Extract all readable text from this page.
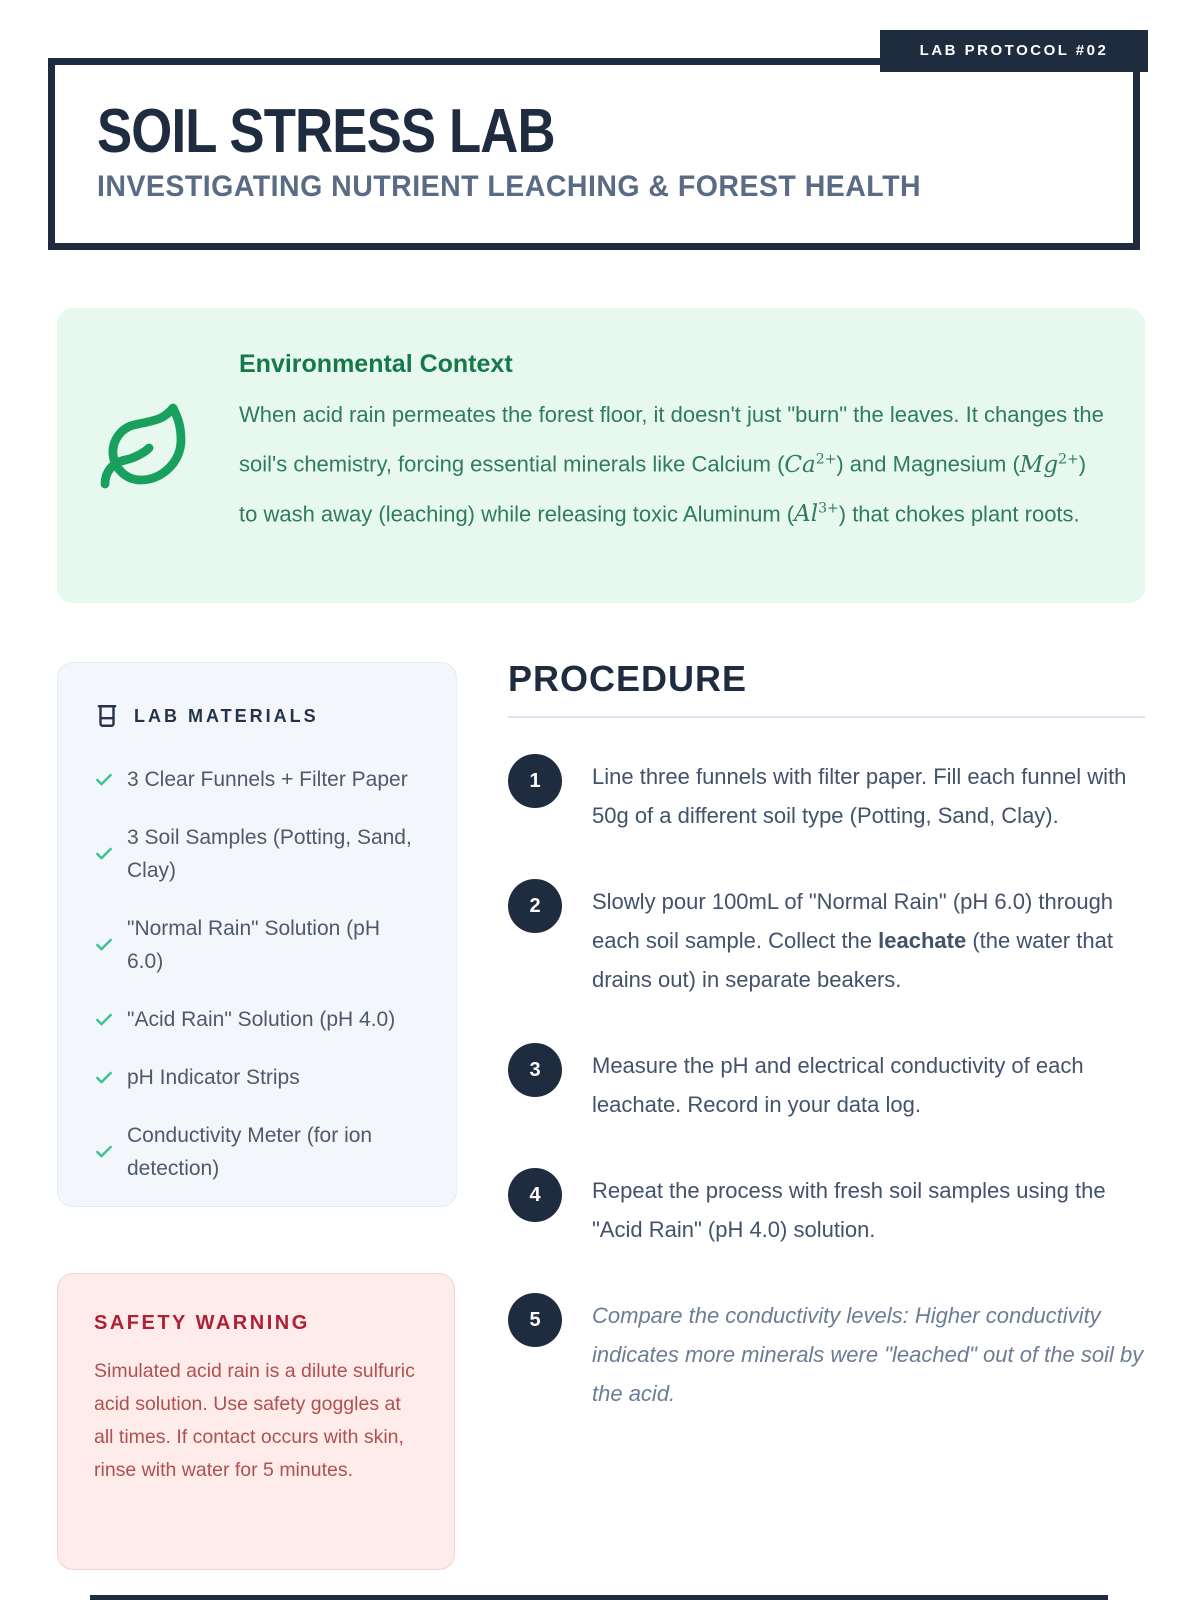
LAB PROTOCOL #02
SOIL STRESS LAB
INVESTIGATING NUTRIENT LEACHING & FOREST HEALTH
Environmental Context

When acid rain permeates the forest floor, it doesn't just "burn" the leaves. It changes the soil's chemistry, forcing essential minerals like Calcium $(Ca^{2+})$ and Magnesium $(Mg^{2+})$ to wash away (leaching) while releasing toxic Aluminum $(Al^{3+})$ that chokes plant roots.

LAB MATERIALS
3 Clear Funnels + Filter Paper
3 Soil Samples (Potting, Sand, Clay)
"Normal Rain" Solution (pH 6.0)
"Acid Rain" Solution (pH 4.0)
pH Indicator Strips
Conductivity Meter (for ion detection)
PROCEDURE
1	Line three funnels with filter paper. Fill each funnel with 50g of a different soil type (Potting, Sand, Clay).
2	Slowly pour 100mL of "Normal Rain" (pH 6.0) through each soil sample. Collect the leachate (the water that drains out) in separate beakers.
3	Measure the pH and electrical conductivity of each leachate. Record in your data log.
4	Repeat the process with fresh soil samples using the "Acid Rain" (pH 4.0) solution.
5	Compare the conductivity levels: Higher conductivity indicates more minerals were "leached" out of the soil by the acid.
SAFETY WARNING

Simulated acid rain is a dilute sulfuric acid solution. Use safety goggles at all times. If contact occurs with skin, rinse with water for 5 minutes.
